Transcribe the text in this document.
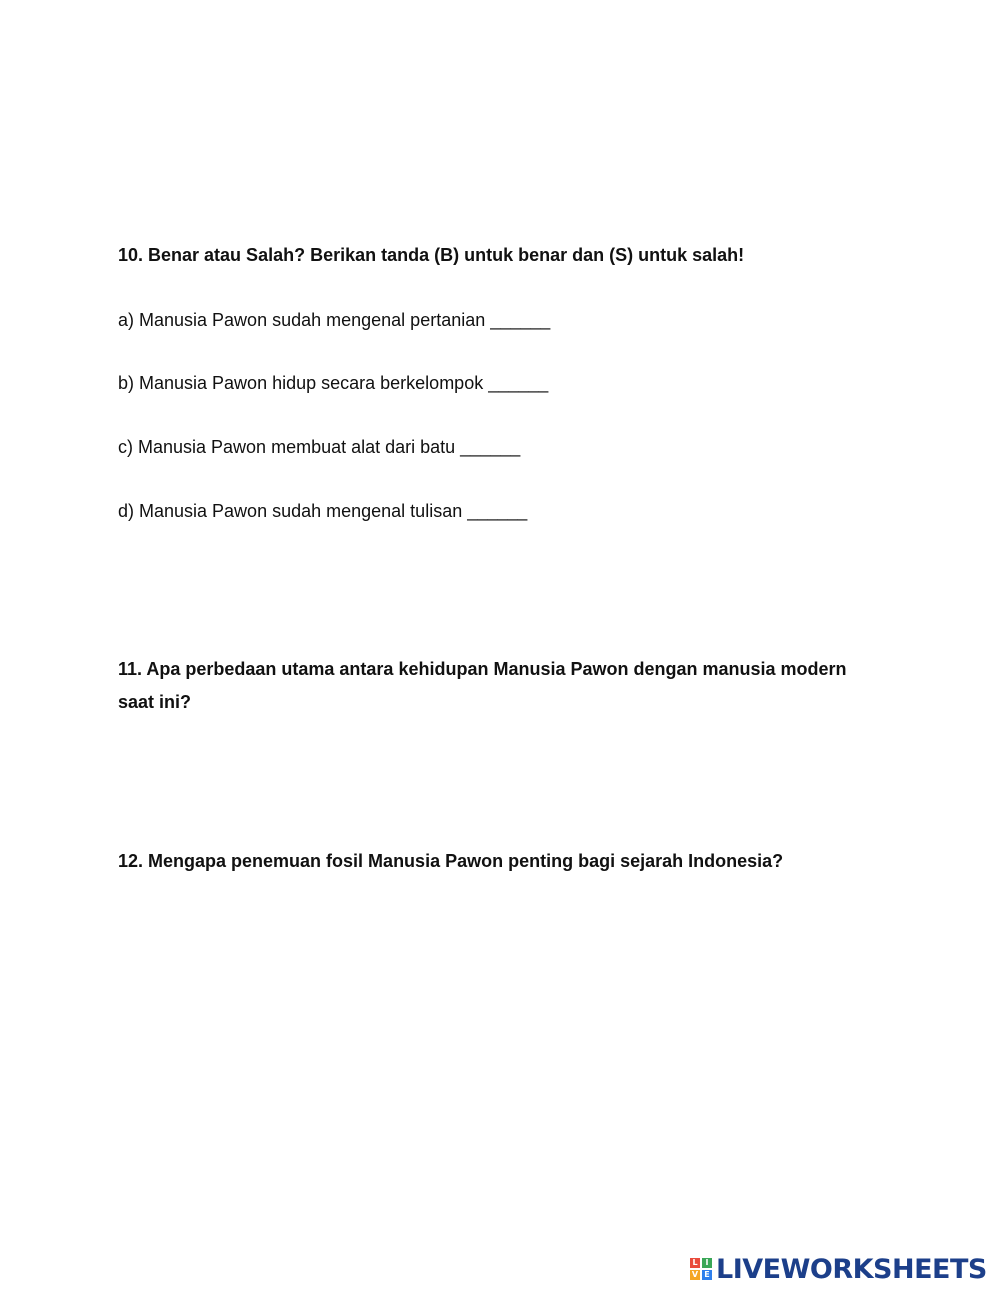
10. Benar atau Salah? Berikan tanda (B) untuk benar dan (S) untuk salah!

a) Manusia Pawon sudah mengenal pertanian ______

b) Manusia Pawon hidup secara berkelompok ______

c) Manusia Pawon membuat alat dari batu ______

d) Manusia Pawon sudah mengenal tulisan ______

11. Apa perbedaan utama antara kehidupan Manusia Pawon dengan manusia modern saat ini?

12. Mengapa penemuan fosil Manusia Pawon penting bagi sejarah Indonesia?

L I
V E LIVEWORKSHEETS
